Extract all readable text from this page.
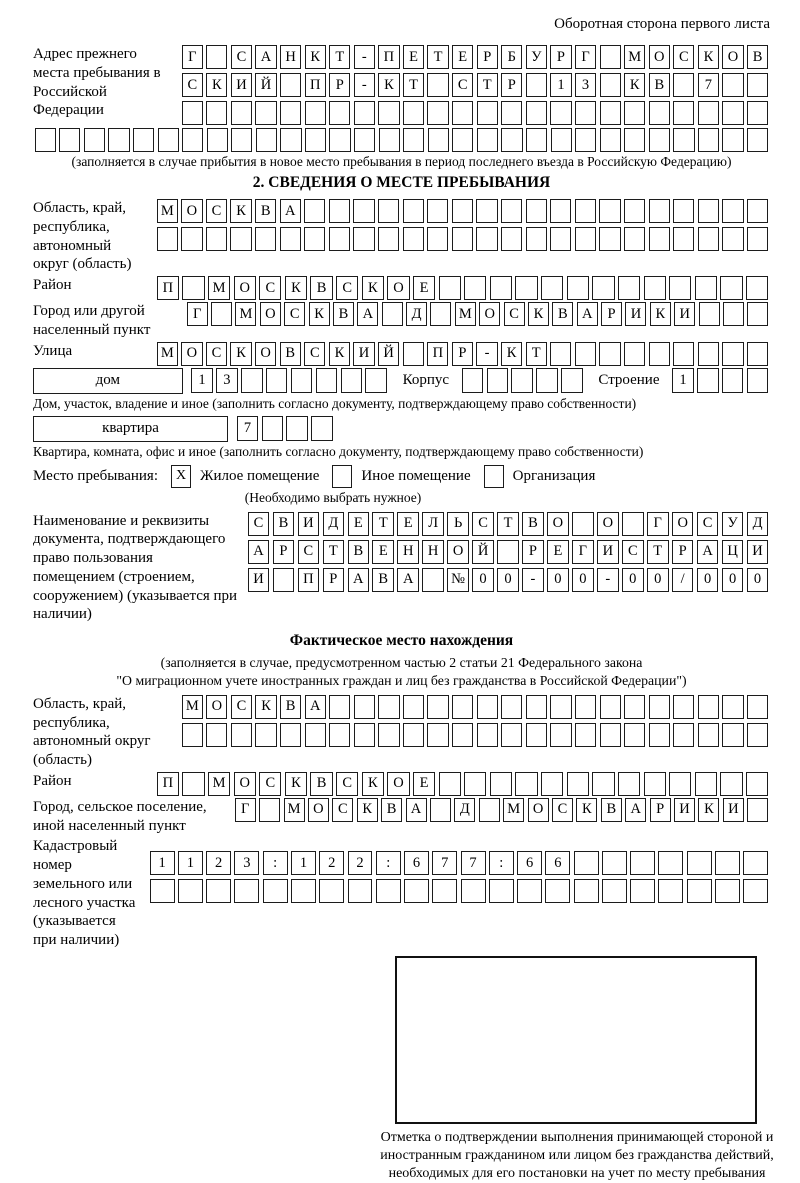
Оборотная сторона первого листа
Адрес прежнего места пребывания в Российской Федерации
Г	С	А Н	К	Т	-	П	Е	Т	Е	Р	Б	У	Р	Г	М О	С	К	О	В
С	К	И Й	П	Р	-	К	Т	С	Т	Р	1	3	К	В	7
(заполняется в случае прибытия в новое место пребывания в период последнего въезда в Российскую Федерацию)
2. СВЕДЕНИЯ О МЕСТЕ ПРЕБЫВАНИЯ
Область, край, республика, автономный округ (область)
М О	С	К	В	А
Район	П	М О	С	К	В	С	К	О	Е
Город или другой населенный пункт
Г	М О С	К	В А	Д	М О С	К	В А	Р	И К И
Улица	М О	С	К	О	В	С	К	И Й	П	Р	-	К	Т
дом	1	3	Корпус	Строение	1
Дом, участок, владение и иное (заполнить согласно документу, подтверждающему право собственности)
квартира	7
Квартира, комната, офис и иное (заполнить согласно документу, подтверждающему право собственности)
Место пребывания:	X Жилое помещение	Иное помещение	Организация
(Необходимо выбрать нужное)
Наименование и реквизиты документа, подтверждающего право пользования помещением (строением, сооружением) (указывается при наличии)
С	В	И	Д	Е	Т	Е	Л	Ь	С	Т	В	О	О	Г	О	С	У	Д
А	Р	С	Т	В	Е	Н Н О Й	Р	Е	Г	И	С	Т	Р	А Ц И
И	П	Р	А	В	А	№ 0	0	-	0	0	-	0	0	/	0	0	0
Фактическое место нахождения
(заполняется в случае, предусмотренном частью 2 статьи 21 Федерального закона
"О миграционном учете иностранных граждан и лиц без гражданства в Российской Федерации")
Область, край, республика, автономный округ (область)
М О	С	К	В	А
Район	П	М О	С	К	В	С	К	О	Е
Город, сельское поселение, иной населенный пункт
Г	М О С	К	В А	Д	М О С	К	В А	Р	И К И
Кадастровый номер земельного или лесного участка (указывается при наличии)
1	1	2	3	:	1	2	2	:	6	7	7	:	6	6
Отметка о подтверждении выполнения принимающей стороной и иностранным гражданином или лицом без гражданства действий, необходимых для его постановки на учет по месту пребывания
